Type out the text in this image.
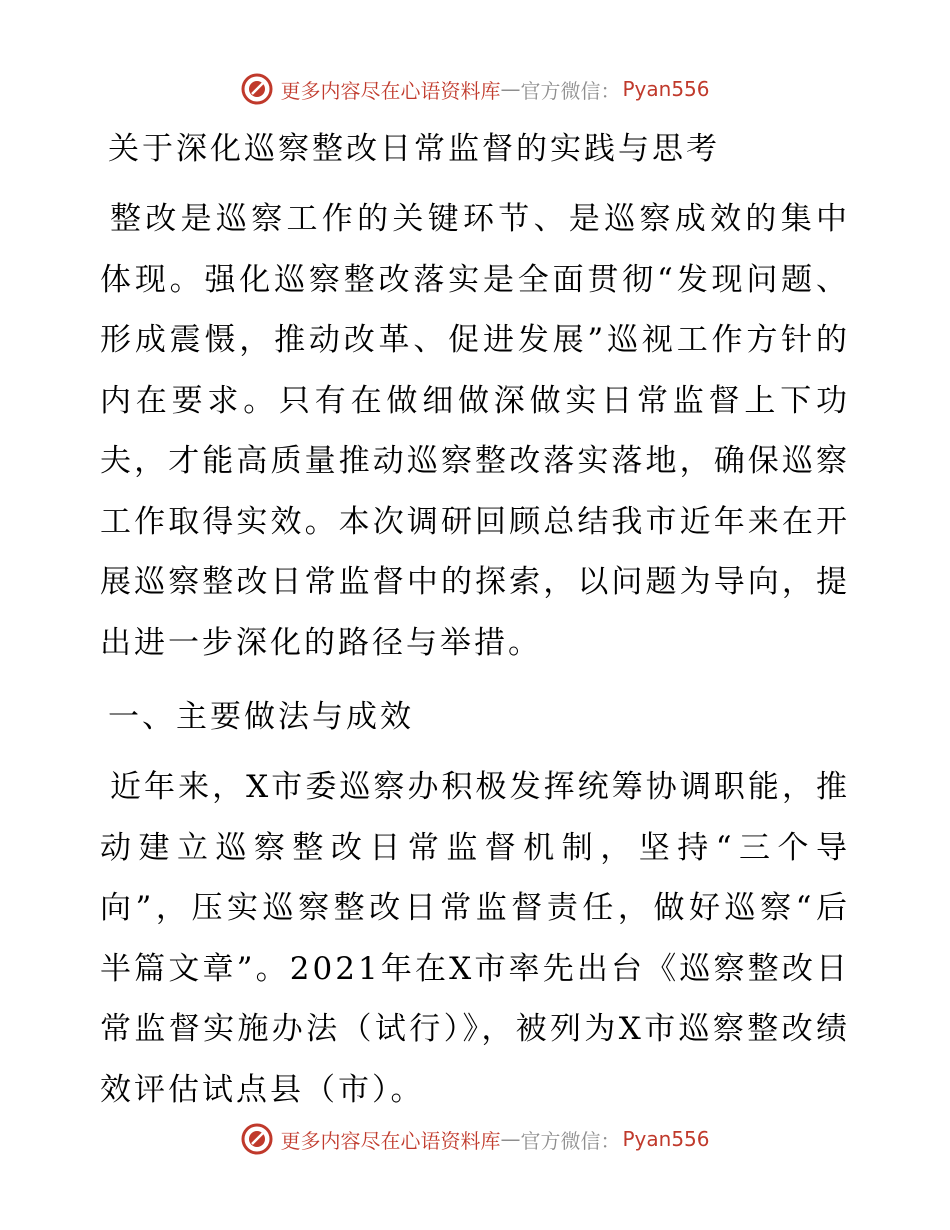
更多内容尽在心语资料库 — 官方微信： Pyan556
关于深化巡察整改日常监督的实践与思考

整改是巡察工作的关键环节、是巡察成效的集中体现。强化巡察整改落实是全面贯彻“发现问题、形成震慑，推动改革、促进发展”巡视工作方针的内在要求。只有在做细做深做实日常监督上下功夫，才能高质量推动巡察整改落实落地，确保巡察工作取得实效。本次调研回顾总结我市近年来在开展巡察整改日常监督中的探索，以问题为导向，提出进一步深化的路径与举措。

一、主要做法与成效

近年来，X市委巡察办积极发挥统筹协调职能，推动建立巡察整改日常监督机制，坚持“三个导向”，压实巡察整改日常监督责任，做好巡察“后半篇文章”。2021年在X市率先出台《巡察整改日常监督实施办法（试行）》，被列为X市巡察整改绩效评估试点县（市）。

更多内容尽在心语资料库 — 官方微信： Pyan556
